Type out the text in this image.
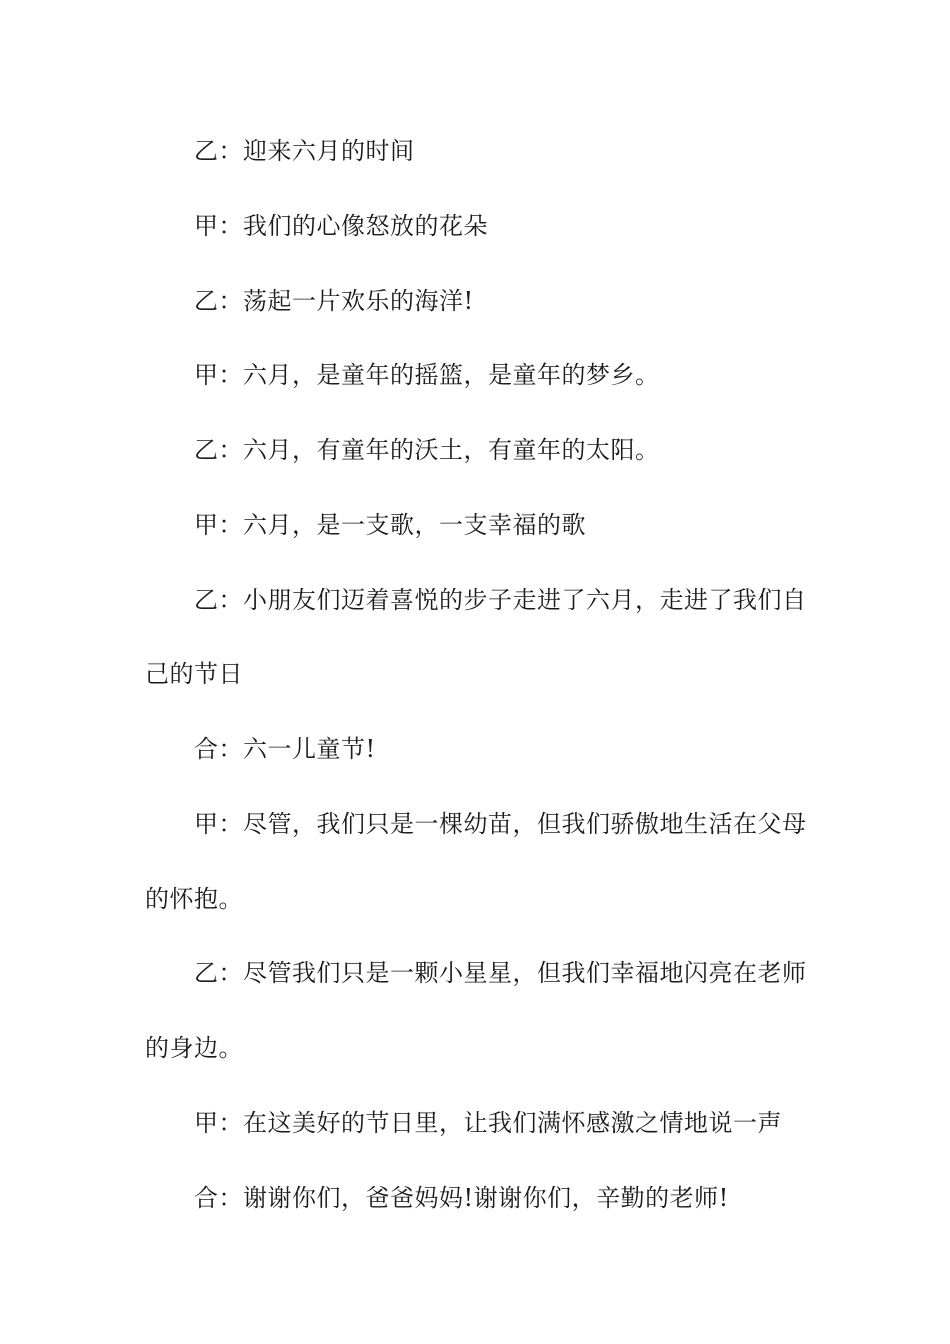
乙：迎来六月的时间
甲：我们的心像怒放的花朵
乙：荡起一片欢乐的海洋!
甲：六月，是童年的摇篮，是童年的梦乡。
乙：六月，有童年的沃土，有童年的太阳。
甲：六月，是一支歌，一支幸福的歌
乙：小朋友们迈着喜悦的步子走进了六月，走进了我们自
己的节日
合：六一儿童节!
甲：尽管，我们只是一棵幼苗，但我们骄傲地生活在父母
的怀抱。
乙：尽管我们只是一颗小星星，但我们幸福地闪亮在老师
的身边。
甲：在这美好的节日里，让我们满怀感激之情地说一声
合：谢谢你们，爸爸妈妈!谢谢你们，辛勤的老师!
